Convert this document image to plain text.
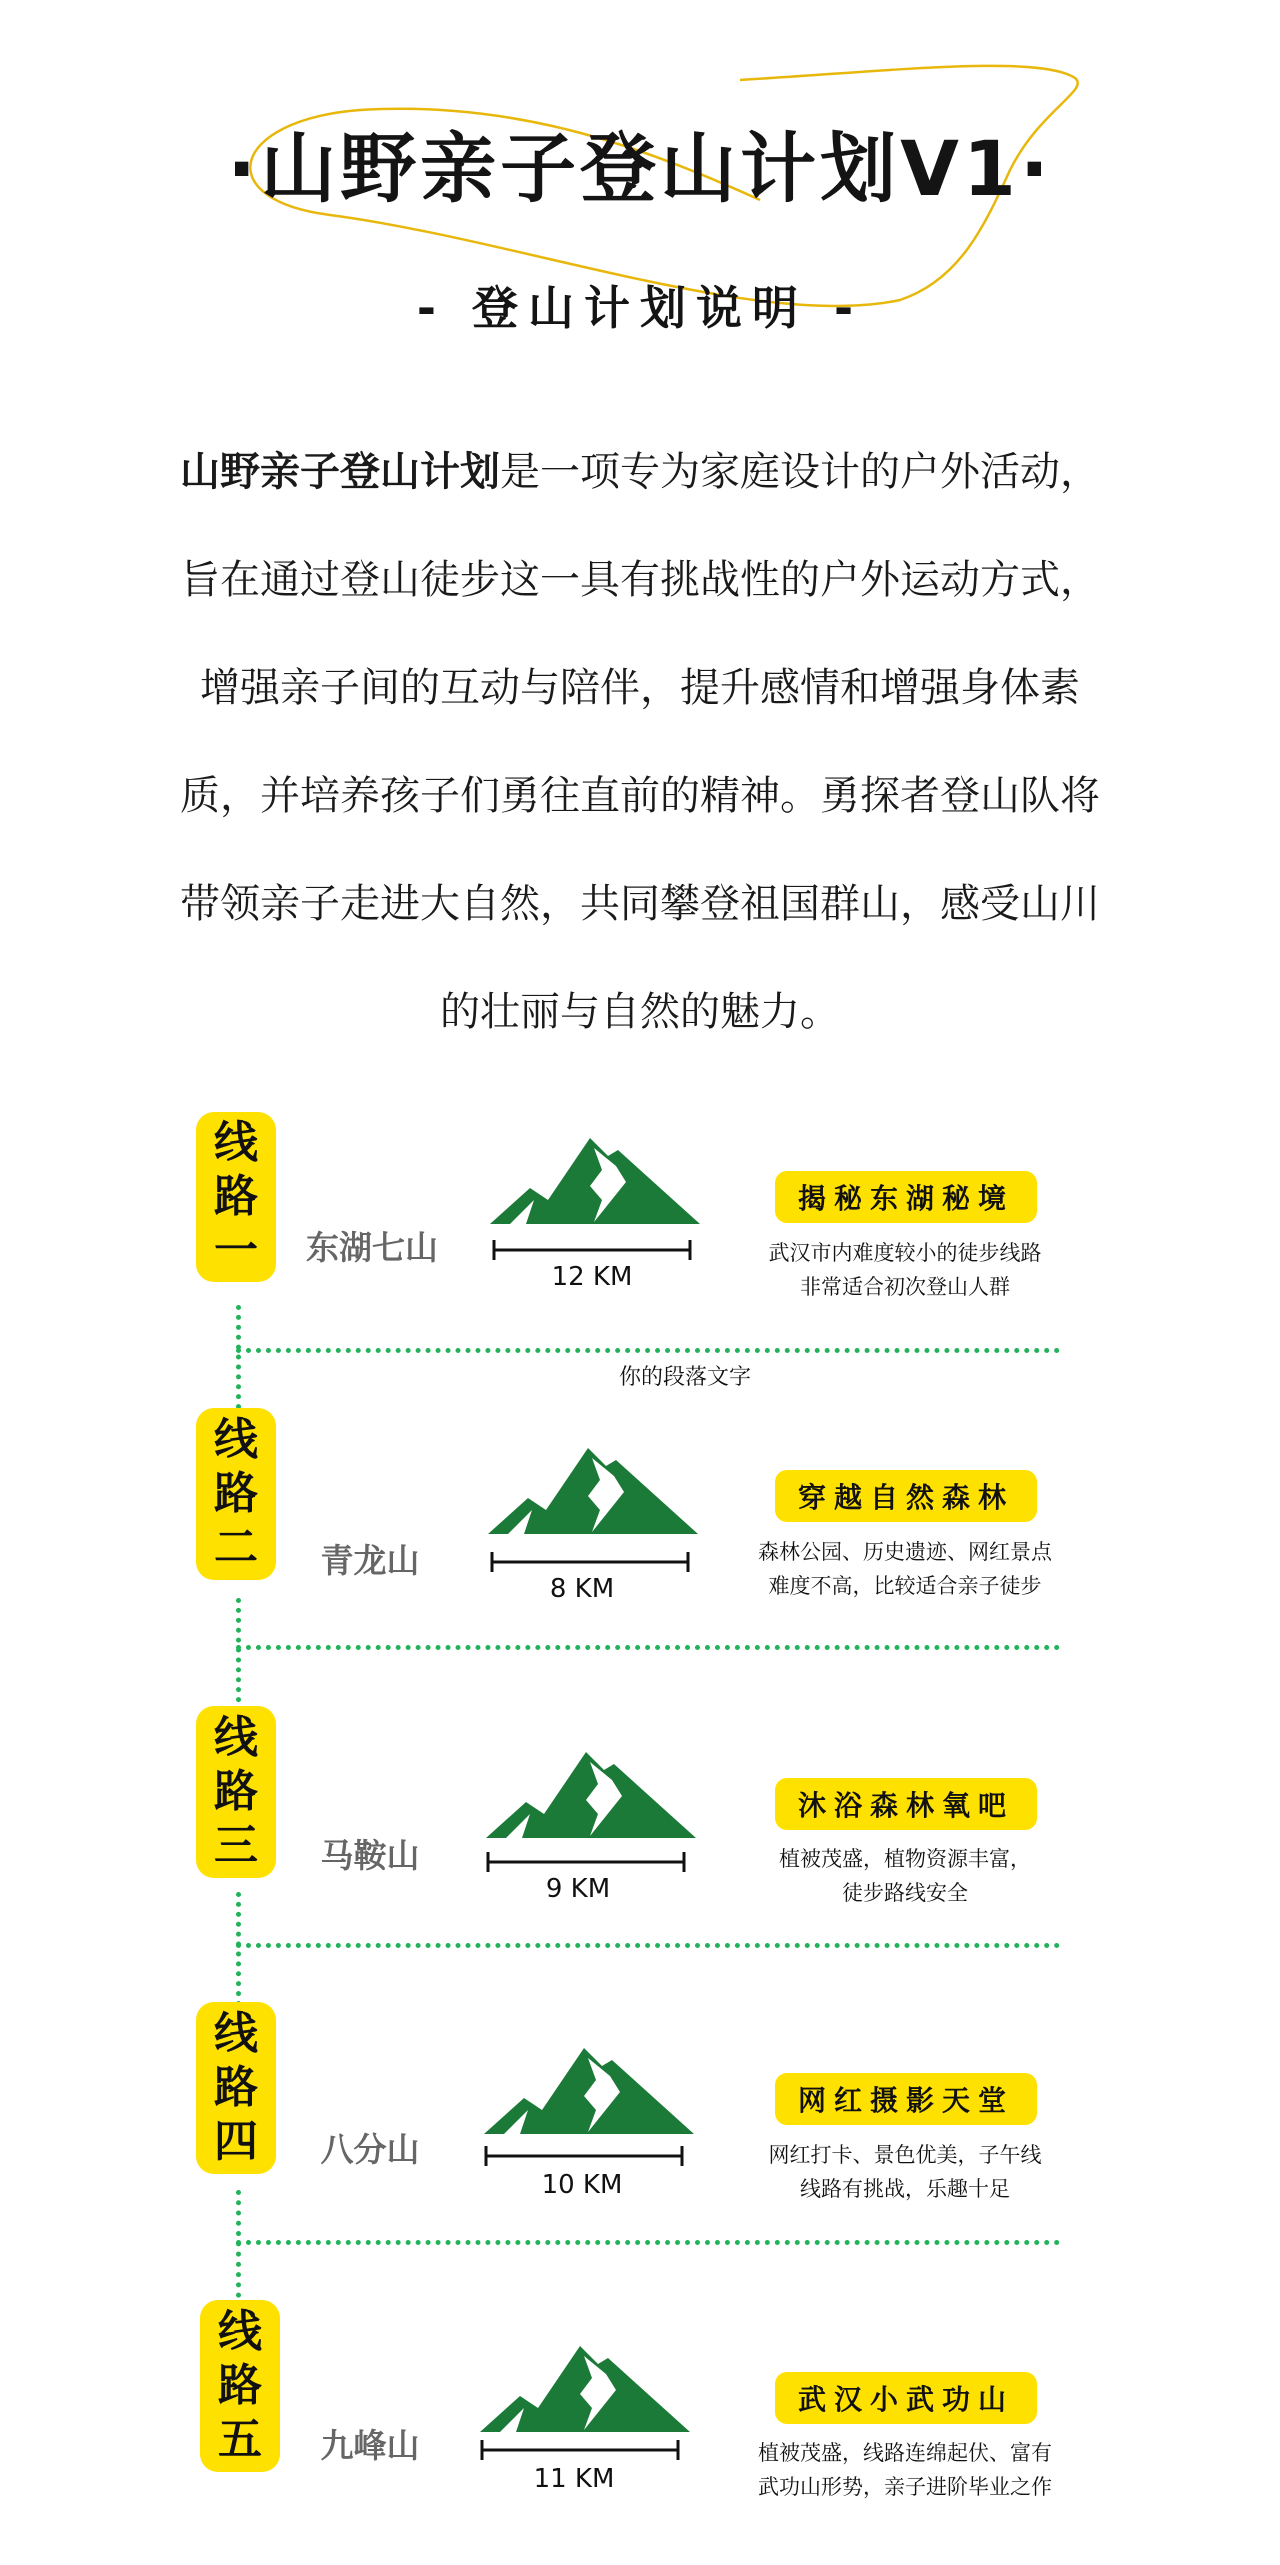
·山野亲子登山计划V1·
- 登山计划说明 -
山野亲子登山计划是一项专为家庭设计的户外活动，
旨在通过登山徒步这一具有挑战性的户外运动方式，
增强亲子间的互动与陪伴，提升感情和增强身体素
质，并培养孩子们勇往直前的精神。勇探者登山队将
带领亲子走进大自然，共同攀登祖国群山，感受山川
的壮丽与自然的魅力。
你的段落文字
线
路
一	东湖七山
12 KM
揭秘东湖秘境
武汉市内难度较小的徒步线路
非常适合初次登山人群
线
路
二	青龙山
8 KM
穿越自然森林
森林公园、历史遗迹、网红景点
难度不高，比较适合亲子徒步
线
路
三	马鞍山
9 KM
沐浴森林氧吧
植被茂盛，植物资源丰富，
徒步路线安全
线
路
四	八分山
10 KM
网红摄影天堂
网红打卡、景色优美，子午线
线路有挑战，乐趣十足
线
路
五	九峰山
11 KM
武汉小武功山
植被茂盛，线路连绵起伏、富有
武功山形势，亲子进阶毕业之作
